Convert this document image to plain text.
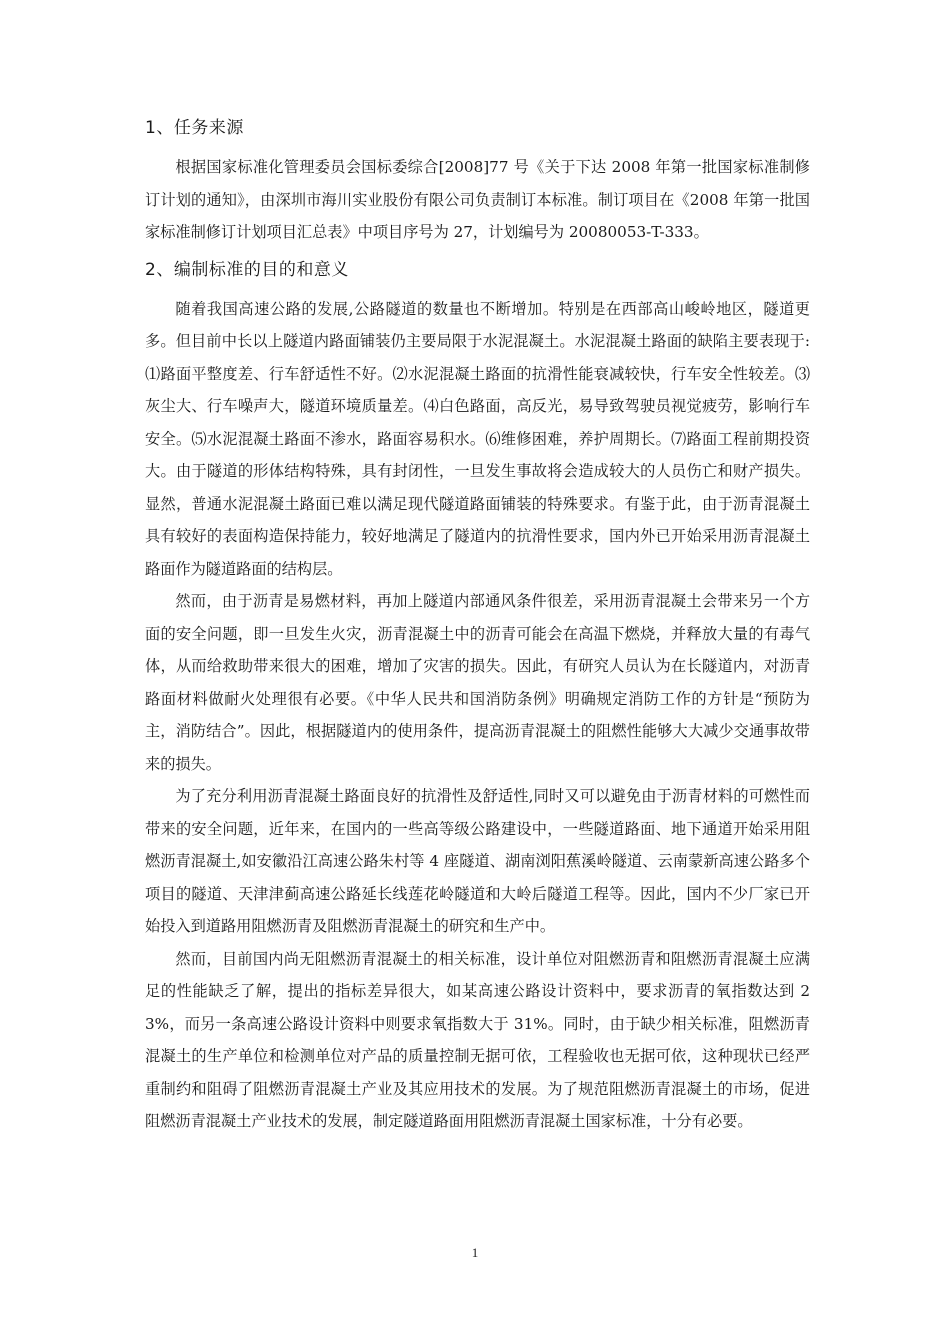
1、任务来源

根据国家标准化管理委员会国标委综合[2008]77 号《关于下达 2008 年第一批国家标准制修订计划的通知》，由深圳市海川实业股份有限公司负责制订本标准。制订项目在《2008 年第一批国家标准制修订计划项目汇总表》中项目序号为 27，计划编号为 20080053-T-333。

2、编制标准的目的和意义

随着我国高速公路的发展,公路隧道的数量也不断增加。特别是在西部高山峻岭地区，隧道更多。但目前中长以上隧道内路面铺装仍主要局限于水泥混凝土。水泥混凝土路面的缺陷主要表现于:⑴路面平整度差、行车舒适性不好。⑵水泥混凝土路面的抗滑性能衰减较快，行车安全性较差。⑶灰尘大、行车噪声大，隧道环境质量差。⑷白色路面，高反光，易导致驾驶员视觉疲劳，影响行车安全。⑸水泥混凝土路面不渗水，路面容易积水。⑹维修困难，养护周期长。⑺路面工程前期投资大。由于隧道的形体结构特殊，具有封闭性，一旦发生事故将会造成较大的人员伤亡和财产损失。显然，普通水泥混凝土路面已难以满足现代隧道路面铺装的特殊要求。有鉴于此，由于沥青混凝土具有较好的表面构造保持能力，较好地满足了隧道内的抗滑性要求，国内外已开始采用沥青混凝土路面作为隧道路面的结构层。

然而，由于沥青是易燃材料，再加上隧道内部通风条件很差，采用沥青混凝土会带来另一个方面的安全问题，即一旦发生火灾，沥青混凝土中的沥青可能会在高温下燃烧，并释放大量的有毒气体，从而给救助带来很大的困难，增加了灾害的损失。因此，有研究人员认为在长隧道内，对沥青路面材料做耐火处理很有必要。《中华人民共和国消防条例》明确规定消防工作的方针是“预防为主，消防结合”。因此，根据隧道内的使用条件，提高沥青混凝土的阻燃性能够大大减少交通事故带来的损失。

为了充分利用沥青混凝土路面良好的抗滑性及舒适性,同时又可以避免由于沥青材料的可燃性而带来的安全问题，近年来，在国内的一些高等级公路建设中，一些隧道路面、地下通道开始采用阻燃沥青混凝土,如安徽沿江高速公路朱村等 4 座隧道、湖南浏阳蕉溪岭隧道、云南蒙新高速公路多个项目的隧道、天津津蓟高速公路延长线莲花岭隧道和大岭后隧道工程等。因此，国内不少厂家已开始投入到道路用阻燃沥青及阻燃沥青混凝土的研究和生产中。

然而，目前国内尚无阻燃沥青混凝土的相关标准，设计单位对阻燃沥青和阻燃沥青混凝土应满足的性能缺乏了解，提出的指标差异很大，如某高速公路设计资料中，要求沥青的氧指数达到 23%，而另一条高速公路设计资料中则要求氧指数大于 31%。同时，由于缺少相关标准，阻燃沥青混凝土的生产单位和检测单位对产品的质量控制无据可依，工程验收也无据可依，这种现状已经严重制约和阻碍了阻燃沥青混凝土产业及其应用技术的发展。为了规范阻燃沥青混凝土的市场，促进阻燃沥青混凝土产业技术的发展，制定隧道路面用阻燃沥青混凝土国家标准，十分有必要。

1
